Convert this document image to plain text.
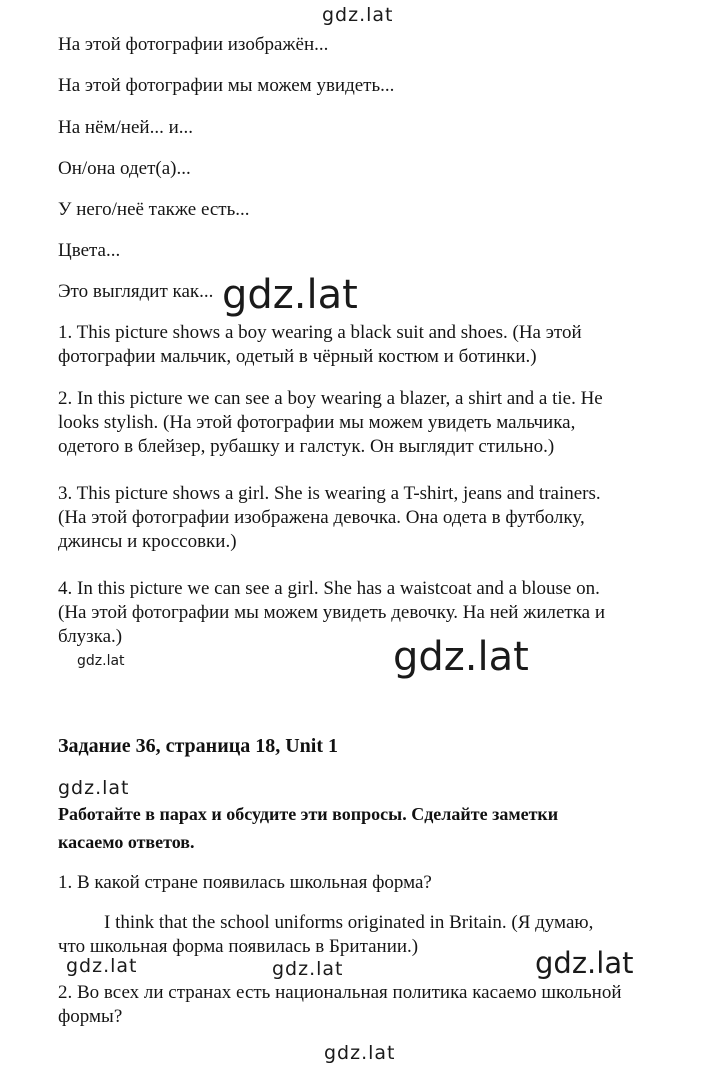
gdz.lat
На этой фотографии изображён...
На этой фотографии мы можем увидеть...
На нём/ней... и...
Он/она одет(а)...
У него/неё также есть...
Цвета...
Это выглядит как... gdz.lat
1. This picture shows a boy wearing a black suit and shoes. (На этой
фотографии мальчик, одетый в чёрный костюм и ботинки.)
2. In this picture we can see a boy wearing a blazer, a shirt and a tie. He
looks stylish. (На этой фотографии мы можем увидеть мальчика,
одетого в блейзер, рубашку и галстук. Он выглядит стильно.)
3. This picture shows a girl. She is wearing a T-shirt, jeans and trainers.
(На этой фотографии изображена девочка. Она одета в футболку,
джинсы и кроссовки.)
4. In this picture we can see a girl. She has a waistcoat and a blouse on.
(На этой фотографии мы можем увидеть девочку. На ней жилетка и
блузка.)
gdz.lat	gdz.lat
Задание 36, страница 18, Unit 1
gdz.lat
Работайте в парах и обсудите эти вопросы. Сделайте заметки
касаемо ответов.
1. В какой стране появилась школьная форма?
I think that the school uniforms originated in Britain. (Я думаю,
что школьная форма появилась в Британии.)
gdz.lat	gdz.lat	gdz.lat
2. Во всех ли странах есть национальная политика касаемо школьной
формы?
gdz.lat
